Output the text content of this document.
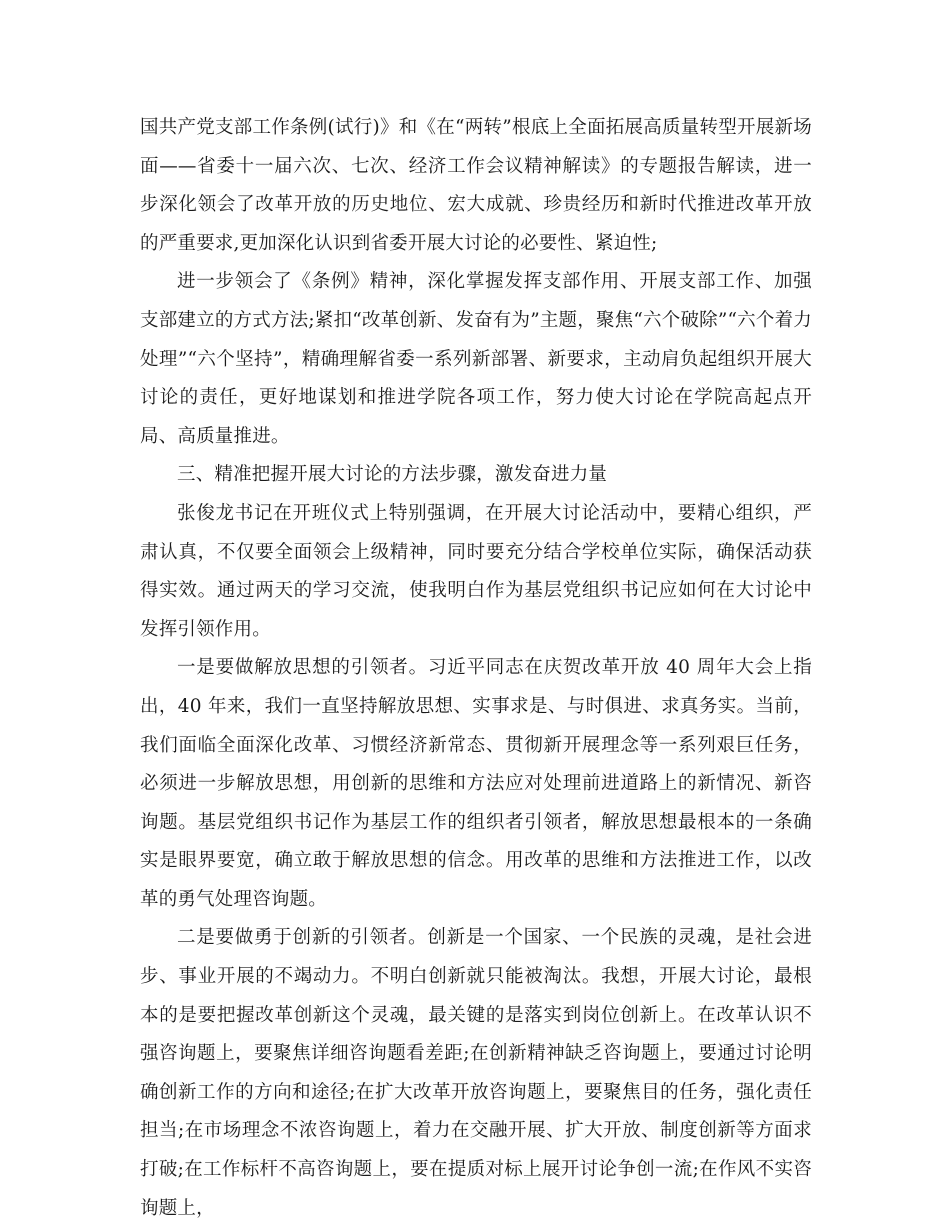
国共产党支部工作条例(试行)》和《在“两转”根底上全面拓展高质量转型开展新场面——省委十一届六次、七次、经济工作会议精神解读》的专题报告解读，进一步深化领会了改革开放的历史地位、宏大成就、珍贵经历和新时代推进改革开放的严重要求,更加深化认识到省委开展大讨论的必要性、紧迫性;

进一步领会了《条例》精神，深化掌握发挥支部作用、开展支部工作、加强支部建立的方式方法;紧扣“改革创新、发奋有为”主题，聚焦“六个破除”“六个着力处理”“六个坚持”，精确理解省委一系列新部署、新要求，主动肩负起组织开展大讨论的责任，更好地谋划和推进学院各项工作，努力使大讨论在学院高起点开局、高质量推进。

三、精准把握开展大讨论的方法步骤，激发奋进力量

张俊龙书记在开班仪式上特别强调，在开展大讨论活动中，要精心组织，严肃认真，不仅要全面领会上级精神，同时要充分结合学校单位实际，确保活动获得实效。通过两天的学习交流，使我明白作为基层党组织书记应如何在大讨论中发挥引领作用。

一是要做解放思想的引领者。习近平同志在庆贺改革开放 40 周年大会上指出，40 年来，我们一直坚持解放思想、实事求是、与时俱进、求真务实。当前，我们面临全面深化改革、习惯经济新常态、贯彻新开展理念等一系列艰巨任务，必须进一步解放思想，用创新的思维和方法应对处理前进道路上的新情况、新咨询题。基层党组织书记作为基层工作的组织者引领者，解放思想最根本的一条确实是眼界要宽，确立敢于解放思想的信念。用改革的思维和方法推进工作，以改革的勇气处理咨询题。

二是要做勇于创新的引领者。创新是一个国家、一个民族的灵魂，是社会进步、事业开展的不竭动力。不明白创新就只能被淘汰。我想，开展大讨论，最根本的是要把握改革创新这个灵魂，最关键的是落实到岗位创新上。在改革认识不强咨询题上，要聚焦详细咨询题看差距;在创新精神缺乏咨询题上，要通过讨论明确创新工作的方向和途径;在扩大改革开放咨询题上，要聚焦目的任务，强化责任担当;在市场理念不浓咨询题上，着力在交融开展、扩大开放、制度创新等方面求打破;在工作标杆不高咨询题上，要在提质对标上展开讨论争创一流;在作风不实咨询题上，
